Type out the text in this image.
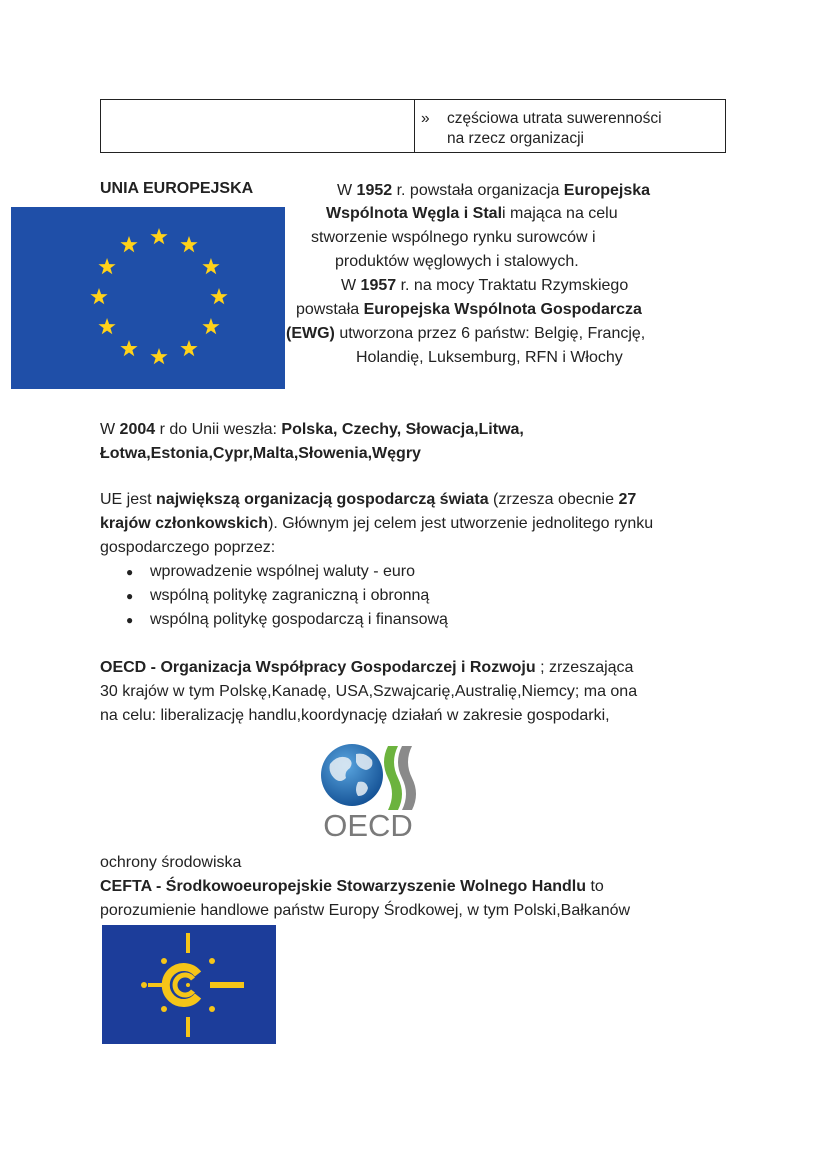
» częściowa utrata suwerenności
na rzecz organizacji
UNIA EUROPEJSKA	W 1952 r. powstała organizacja Europejska
Wspólnota Węgla i Stali mająca na celu
stworzenie wspólnego rynku surowców i
produktów węglowych i stalowych.
W 1957 r. na mocy Traktatu Rzymskiego
powstała Europejska Wspólnota Gospodarcza
(EWG) utworzona przez 6 państw: Belgię, Francję,
Holandię, Luksemburg, RFN i Włochy
W 2004 r do Unii weszła: Polska, Czechy, Słowacja,Litwa,
Łotwa,Estonia,Cypr,Malta,Słowenia,Węgry
UE jest największą organizacją gospodarczą świata (zrzesza obecnie 27
krajów członkowskich). Głównym jej celem jest utworzenie jednolitego rynku
gospodarczego poprzez:
● wprowadzenie wspólnej waluty - euro
● wspólną politykę zagraniczną i obronną
● wspólną politykę gospodarczą i finansową
OECD - Organizacja Współpracy Gospodarczej i Rozwoju ; zrzeszająca
30 krajów w tym Polskę,Kanadę, USA,Szwajcarię,Australię,Niemcy; ma ona
na celu: liberalizację handlu,koordynację działań w zakresie gospodarki,
OECD
ochrony środowiska
CEFTA - Środkowoeuropejskie Stowarzyszenie Wolnego Handlu to
porozumienie handlowe państw Europy Środkowej, w tym Polski,Bałkanów
